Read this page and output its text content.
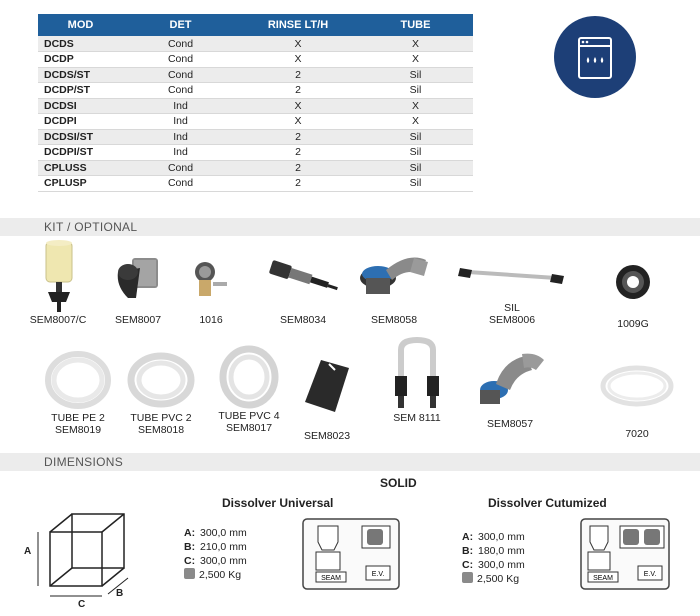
MOD	DET	RINSE LT/H	TUBE
DCDS	Cond	X	X
DCDP	Cond	X	X
DCDS/ST	Cond	2	Sil
DCDP/ST	Cond	2	Sil
DCDSI	Ind	X	X
DCDPI	Ind	X	X
DCDSI/ST	Ind	2	Sil
DCDPI/ST	Ind	2	Sil
CPLUSS	Cond	2	Sil
CPLUSP	Cond	2	Sil
KIT / OPTIONAL
SEM8007/C	SEM8007	1016	SEM8034	SEM8058
SIL
SEM8006	1009G
TUBE PE 2
SEM8019
TUBE PVC 2
SEM8018
TUBE PVC 4
SEM8017
SEM8023
SEM 8111	SEM8057
7020
DIMENSIONS
A
C
B
SOLID
Dissolver Universal
A: 300,0 mm
B: 210,0 mm
C: 300,0 mm
2,500 Kg	SEAM
E.V.
Dissolver Cutumized
A: 300,0 mm
B: 180,0 mm
C: 300,0 mm
2,500 Kg	SEAM
E.V.
